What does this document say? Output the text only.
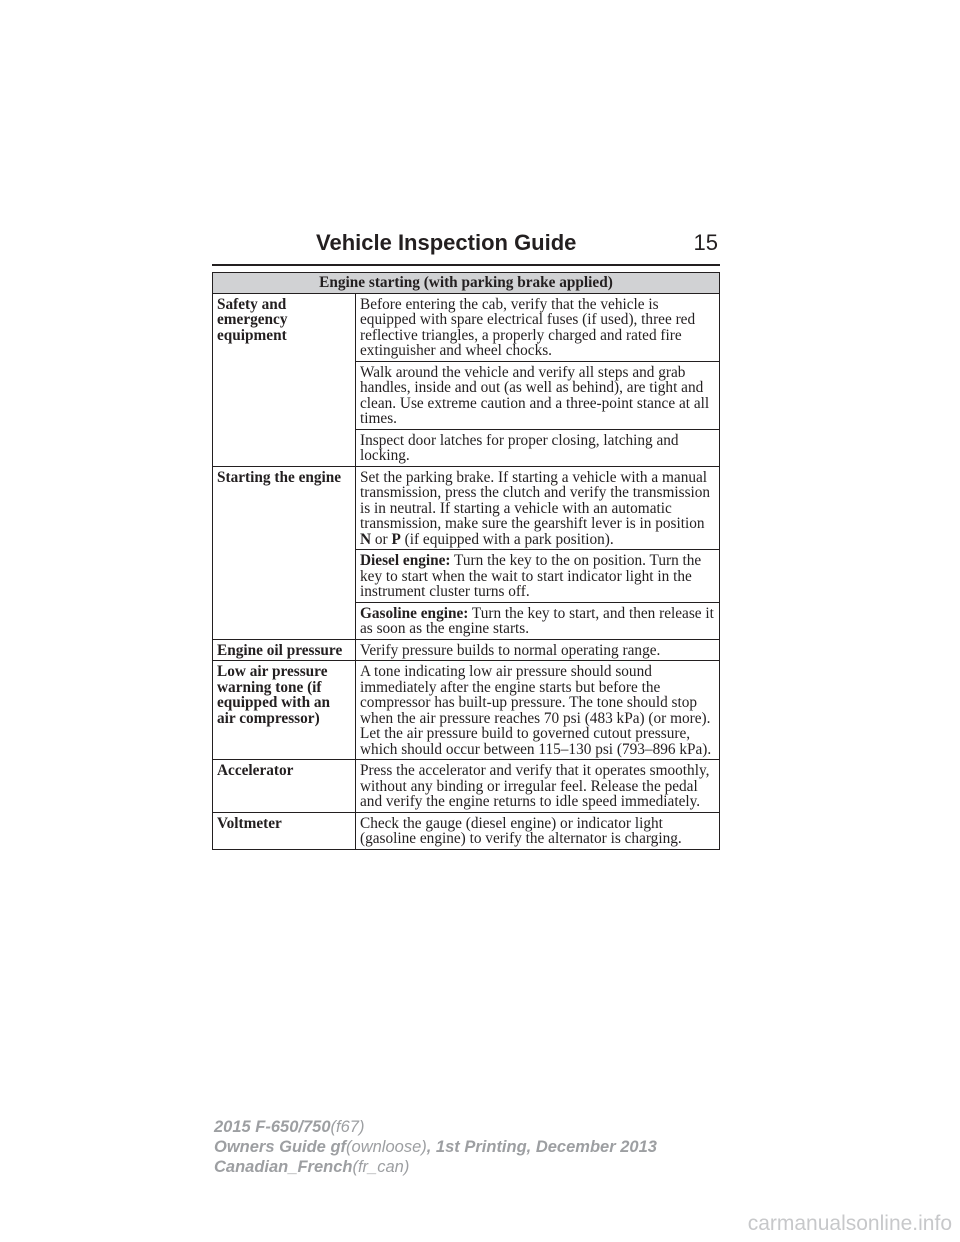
Vehicle Inspection Guide	15
Engine starting (with parking brake applied)	
Safety and emergency equipment	Before entering the cab, verify that the vehicle is equipped with spare electrical fuses (if used), three red reflective triangles, a properly charged and rated fire extinguisher and wheel chocks.
	Walk around the vehicle and verify all steps and grab handles, inside and out (as well as behind), are tight and clean. Use extreme caution and a three-point stance at all times.
	Inspect door latches for proper closing, latching and locking.
Starting the engine	Set the parking brake. If starting a vehicle with a manual transmission, press the clutch and verify the transmission is in neutral. If starting a vehicle with an automatic transmission, make sure the gearshift lever is in position N or P (if equipped with a park position).
	Diesel engine: Turn the key to the on position. Turn the key to start when the wait to start indicator light in the instrument cluster turns off.
	Gasoline engine: Turn the key to start, and then release it as soon as the engine starts.
Engine oil pressure	Verify pressure builds to normal operating range.
Low air pressure warning tone (if equipped with an air compressor)	A tone indicating low air pressure should sound immediately after the engine starts but before the compressor has built-up pressure. The tone should stop when the air pressure reaches 70 psi (483 kPa) (or more). Let the air pressure build to governed cutout pressure, which should occur between 115–130 psi (793–896 kPa).
Accelerator	Press the accelerator and verify that it operates smoothly, without any binding or irregular feel. Release the pedal and verify the engine returns to idle speed immediately.
Voltmeter	Check the gauge (diesel engine) or indicator light (gasoline engine) to verify the alternator is charging.
2015 F-650/750(f67)
Owners Guide gf(ownloose), 1st Printing, December 2013
Canadian_French(fr_can)
carmanualsonline.info
